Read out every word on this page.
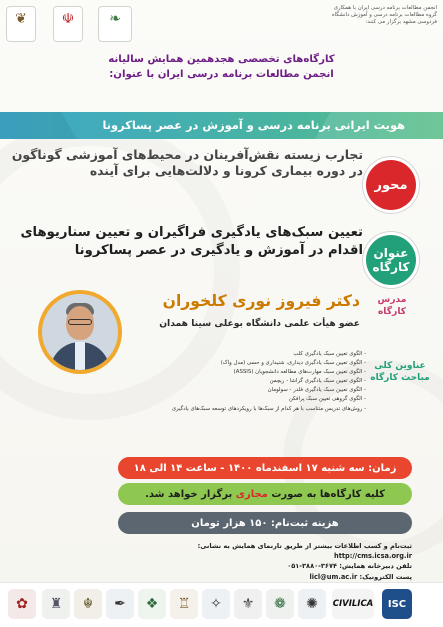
❦ ☫ ❧
انجمن مطالعات برنامه درسی ایران با همکاری
گروه مطالعات برنامه درسی و آموزش دانشگاه
فردوسی مشهد برگزار می کنند:
کارگاه‌های تخصصی هجدهمین همایش سالیانه
انجمن مطالعات برنامه درسی ایران با عنوان:
هویت ایرانی برنامه درسی و آموزش در عصر پساکرونا
تجارب زیسته نقش‌آفرینان در محیط‌های آموزشی گوناگون در دوره بیماری کرونا و دلالت‌هایی برای آینده
محور
تعیین سبک‌های یادگیری فراگیران و تعیین سناریوهای اقدام در آموزش و یادگیری در عصر پساکرونا عنوان
کارگاه
مدرس
کارگاه
دکتر فیروز نوری کلخوران
عضو هیأت علمی دانشگاه بوعلی سینا همدان
عناوین کلی
مباحث کارگاه
- الگوی تعیین سبک یادگیری کلب
- الگوی تعیین سبک یادگیری دیداری، شنیداری و حسی (مدل واک)
- الگوی تعیین سبک مهارت‌های مطالعه دانشجویان (ASSIS)
- الگوی تعیین سبک یادگیری گراشا - ریچمن
- الگوی تعیین سبک یادگیری فلدر - سولومان
- الگوی گروهی تعیین سبک پرافکن
- روش‌های تدریس متناسب با هر کدام از سبک‌ها با رویکردهای توسعه سبک‌های یادگیری
زمان: سه شنبه ۱۷ اسفندماه ۱۴۰۰ - ساعت ۱۴ الی ۱۸
کلیه کارگاه‌ها به صورت

مجازی

برگزار خواهد شد.
هزینه ثبت‌نام: ۱۵۰ هزار تومان
ثبت‌نام و کسب اطلاعات بیشتر از طریق تارنمای همایش به نشانی: http://cms.icsa.org.ir
تلفن دبیرخانه همایش: ۳۶۷۴-۳۸۸۰-۰۵۱
پست الکترونیک: licl@um.ac.ir
✿	♜	☬	✒	❖	♖	✧	⚜	❁	✺	CIVILICA ISC
